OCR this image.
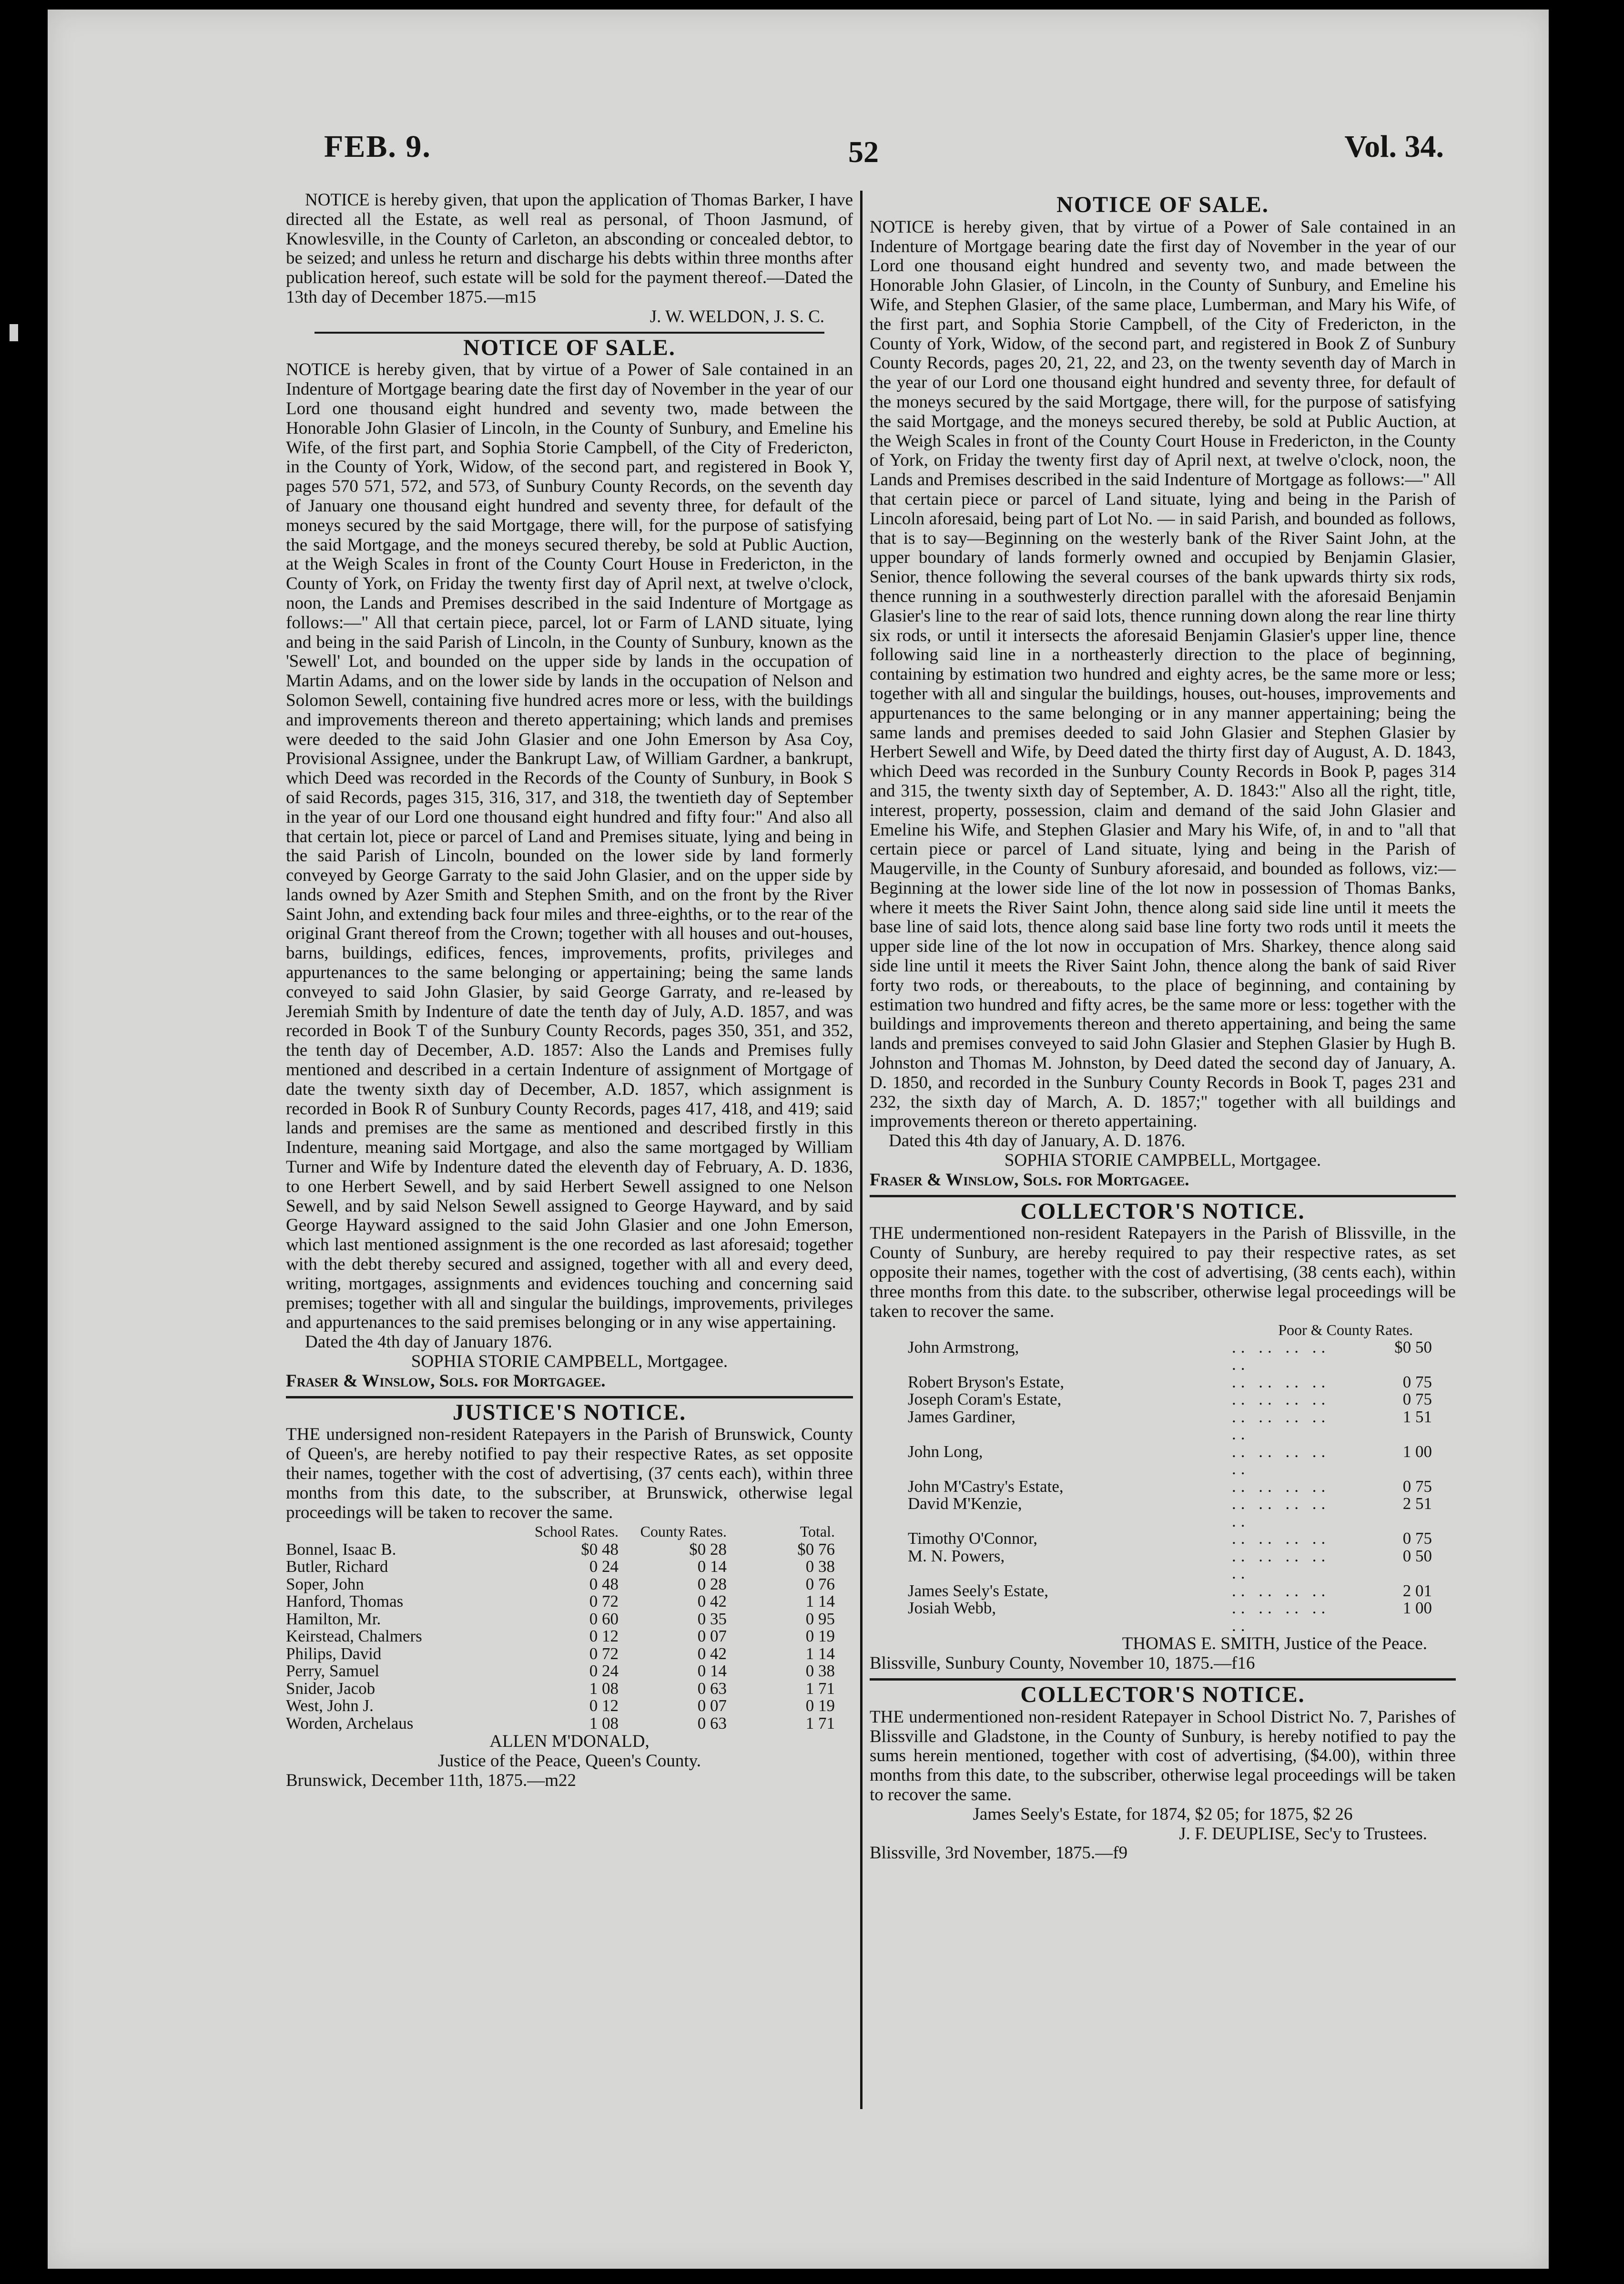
FEB. 9.	52	Vol. 34.

NOTICE is hereby given, that upon the application of Thomas Barker, I have directed all the Estate, as well real as personal, of Thoon Jasmund, of Knowlesville, in the County of Carleton, an absconding or concealed debtor, to be seized; and unless he return and discharge his debts within three months after publication hereof, such estate will be sold for the payment thereof.—Dated the 13th day of December 1875.—m15

J. W. WELDON, J. S. C.

NOTICE OF SALE.

NOTICE is hereby given, that by virtue of a Power of Sale contained in an Indenture of Mortgage bearing date the first day of November in the year of our Lord one thousand eight hundred and seventy two, made between the Honorable John Glasier of Lincoln, in the County of Sunbury, and Emeline his Wife, of the first part, and Sophia Storie Campbell, of the City of Fredericton, in the County of York, Widow, of the second part, and registered in Book Y, pages 570 571, 572, and 573, of Sunbury County Records, on the seventh day of January one thousand eight hundred and seventy three, for default of the moneys secured by the said Mortgage, there will, for the purpose of satisfying the said Mortgage, and the moneys secured thereby, be sold at Public Auction, at the Weigh Scales in front of the County Court House in Fredericton, in the County of York, on Friday the twenty first day of April next, at twelve o'clock, noon, the Lands and Premises described in the said Indenture of Mortgage as follows:—" All that certain piece, parcel, lot or Farm of LAND situate, lying and being in the said Parish of Lincoln, in the County of Sunbury, known as the 'Sewell' Lot, and bounded on the upper side by lands in the occupation of Martin Adams, and on the lower side by lands in the occupation of Nelson and Solomon Sewell, containing five hundred acres more or less, with the buildings and improvements thereon and thereto appertaining; which lands and premises were deeded to the said John Glasier and one John Emerson by Asa Coy, Provisional Assignee, under the Bankrupt Law, of William Gardner, a bankrupt, which Deed was recorded in the Records of the County of Sunbury, in Book S of said Records, pages 315, 316, 317, and 318, the twentieth day of September in the year of our Lord one thousand eight hundred and fifty four:" And also all that certain lot, piece or parcel of Land and Premises situate, lying and being in the said Parish of Lincoln, bounded on the lower side by land formerly conveyed by George Garraty to the said John Glasier, and on the upper side by lands owned by Azer Smith and Stephen Smith, and on the front by the River Saint John, and extending back four miles and three-eighths, or to the rear of the original Grant thereof from the Crown; together with all houses and out-houses, barns, buildings, edifices, fences, improvements, profits, privileges and appurtenances to the same belonging or appertaining; being the same lands conveyed to said John Glasier, by said George Garraty, and re-leased by Jeremiah Smith by Indenture of date the tenth day of July, A.D. 1857, and was recorded in Book T of the Sunbury County Records, pages 350, 351, and 352, the tenth day of December, A.D. 1857: Also the Lands and Premises fully mentioned and described in a certain Indenture of assignment of Mortgage of date the twenty sixth day of December, A.D. 1857, which assignment is recorded in Book R of Sunbury County Records, pages 417, 418, and 419; said lands and premises are the same as mentioned and described firstly in this Indenture, meaning said Mortgage, and also the same mortgaged by William Turner and Wife by Indenture dated the eleventh day of February, A. D. 1836, to one Herbert Sewell, and by said Herbert Sewell assigned to one Nelson Sewell, and by said Nelson Sewell assigned to George Hayward, and by said George Hayward assigned to the said John Glasier and one John Emerson, which last mentioned assignment is the one recorded as last aforesaid; together with the debt thereby secured and assigned, together with all and every deed, writing, mortgages, assignments and evidences touching and concerning said premises; together with all and singular the buildings, improvements, privileges and appurtenances to the said premises belonging or in any wise appertaining.

Dated the 4th day of January 1876.

SOPHIA STORIE CAMPBELL, Mortgagee.

Fraser & Winslow, Sols. for Mortgagee.

JUSTICE'S NOTICE.

THE undersigned non-resident Ratepayers in the Parish of Brunswick, County of Queen's, are hereby notified to pay their respective Rates, as set opposite their names, together with the cost of advertising, (37 cents each), within three months from this date, to the subscriber, at Brunswick, otherwise legal proceedings will be taken to recover the same.

	School Rates.	County Rates.	Total.
Bonnel, Isaac B.	$0 48	$0 28	$0 76
Butler, Richard	0 24	0 14	0 38
Soper, John	0 48	0 28	0 76
Hanford, Thomas	0 72	0 42	1 14
Hamilton, Mr.	0 60	0 35	0 95
Keirstead, Chalmers	0 12	0 07	0 19
Philips, David	0 72	0 42	1 14
Perry, Samuel	0 24	0 14	0 38
Snider, Jacob	1 08	0 63	1 71
West, John J.	0 12	0 07	0 19
Worden, Archelaus	1 08	0 63	1 71

ALLEN M'DONALD,

Justice of the Peace, Queen's County.

Brunswick, December 11th, 1875.—m22

NOTICE OF SALE.

NOTICE is hereby given, that by virtue of a Power of Sale contained in an Indenture of Mortgage bearing date the first day of November in the year of our Lord one thousand eight hundred and seventy two, and made between the Honorable John Glasier, of Lincoln, in the County of Sunbury, and Emeline his Wife, and Stephen Glasier, of the same place, Lumberman, and Mary his Wife, of the first part, and Sophia Storie Campbell, of the City of Fredericton, in the County of York, Widow, of the second part, and registered in Book Z of Sunbury County Records, pages 20, 21, 22, and 23, on the twenty seventh day of March in the year of our Lord one thousand eight hundred and seventy three, for default of the moneys secured by the said Mortgage, there will, for the purpose of satisfying the said Mortgage, and the moneys secured thereby, be sold at Public Auction, at the Weigh Scales in front of the County Court House in Fredericton, in the County of York, on Friday the twenty first day of April next, at twelve o'clock, noon, the Lands and Premises described in the said Indenture of Mortgage as follows:—" All that certain piece or parcel of Land situate, lying and being in the Parish of Lincoln aforesaid, being part of Lot No. — in said Parish, and bounded as follows, that is to say—Beginning on the westerly bank of the River Saint John, at the upper boundary of lands formerly owned and occupied by Benjamin Glasier, Senior, thence following the several courses of the bank upwards thirty six rods, thence running in a southwesterly direction parallel with the aforesaid Benjamin Glasier's line to the rear of said lots, thence running down along the rear line thirty six rods, or until it intersects the aforesaid Benjamin Glasier's upper line, thence following said line in a northeasterly direction to the place of beginning, containing by estimation two hundred and eighty acres, be the same more or less; together with all and singular the buildings, houses, out-houses, improvements and appurtenances to the same belonging or in any manner appertaining; being the same lands and premises deeded to said John Glasier and Stephen Glasier by Herbert Sewell and Wife, by Deed dated the thirty first day of August, A. D. 1843, which Deed was recorded in the Sunbury County Records in Book P, pages 314 and 315, the twenty sixth day of September, A. D. 1843:" Also all the right, title, interest, property, possession, claim and demand of the said John Glasier and Emeline his Wife, and Stephen Glasier and Mary his Wife, of, in and to "all that certain piece or parcel of Land situate, lying and being in the Parish of Maugerville, in the County of Sunbury aforesaid, and bounded as follows, viz:—Beginning at the lower side line of the lot now in possession of Thomas Banks, where it meets the River Saint John, thence along said side line until it meets the base line of said lots, thence along said base line forty two rods until it meets the upper side line of the lot now in occupation of Mrs. Sharkey, thence along said side line until it meets the River Saint John, thence along the bank of said River forty two rods, or thereabouts, to the place of beginning, and containing by estimation two hundred and fifty acres, be the same more or less: together with the buildings and improvements thereon and thereto appertaining, and being the same lands and premises conveyed to said John Glasier and Stephen Glasier by Hugh B. Johnston and Thomas M. Johnston, by Deed dated the second day of January, A. D. 1850, and recorded in the Sunbury County Records in Book T, pages 231 and 232, the sixth day of March, A. D. 1857;" together with all buildings and improvements thereon or thereto appertaining.

Dated this 4th day of January, A. D. 1876.

SOPHIA STORIE CAMPBELL, Mortgagee.

Fraser & Winslow, Sols. for Mortgagee.

COLLECTOR'S NOTICE.

THE undermentioned non-resident Ratepayers in the Parish of Blissville, in the County of Sunbury, are hereby required to pay their respective rates, as set opposite their names, together with the cost of advertising, (38 cents each), within three months from this date. to the subscriber, otherwise legal proceedings will be taken to recover the same.

Poor & County Rates.		
John Armstrong,	.. .. .. .. ..	$0 50
Robert Bryson's Estate,	.. .. .. ..	0 75
Joseph Coram's Estate,	.. .. .. ..	0 75
James Gardiner,	.. .. .. .. ..	1 51
John Long,	.. .. .. .. ..	1 00
John M'Castry's Estate,	.. .. .. ..	0 75
David M'Kenzie,	.. .. .. .. ..	2 51
Timothy O'Connor,	.. .. .. ..	0 75
M. N. Powers,	.. .. .. .. ..	0 50
James Seely's Estate,	.. .. .. ..	2 01
Josiah Webb,	.. .. .. .. ..	1 00

THOMAS E. SMITH, Justice of the Peace.

Blissville, Sunbury County, November 10, 1875.—f16

COLLECTOR'S NOTICE.

THE undermentioned non-resident Ratepayer in School District No. 7, Parishes of Blissville and Gladstone, in the County of Sunbury, is hereby notified to pay the sums herein mentioned, together with cost of advertising, ($4.00), within three months from this date, to the subscriber, otherwise legal proceedings will be taken to recover the same.

James Seely's Estate, for 1874, $2 05; for 1875, $2 26

J. F. DEUPLISE, Sec'y to Trustees.

Blissville, 3rd November, 1875.—f9
